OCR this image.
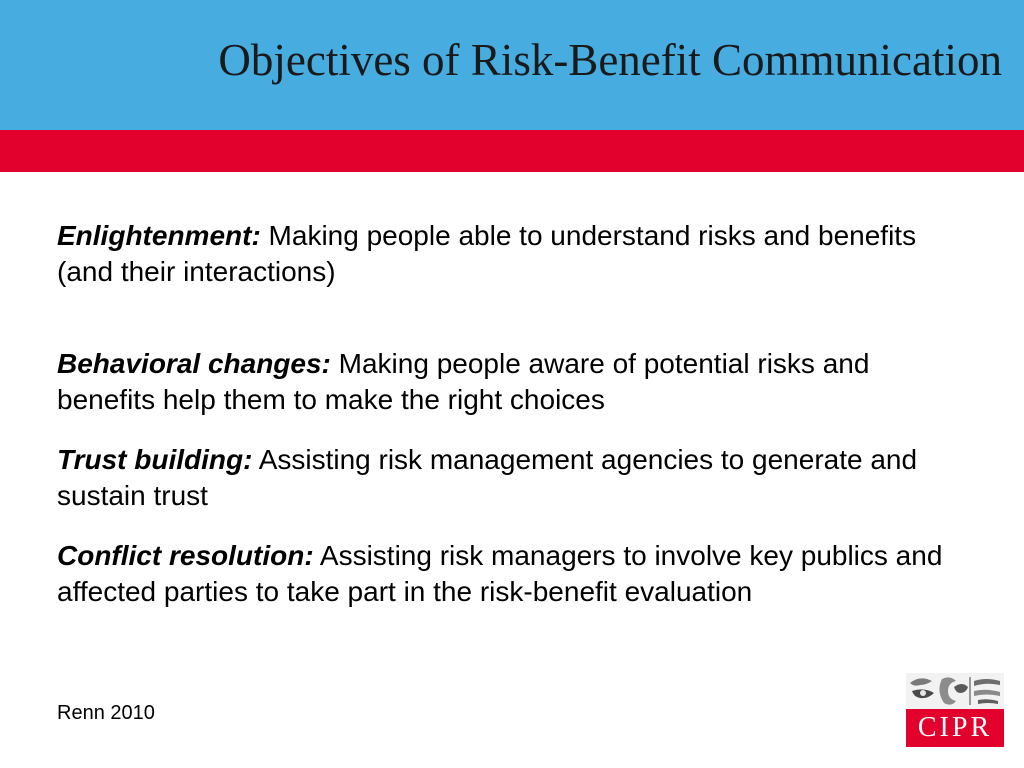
Objectives of Risk-Benefit Communication

Enlightenment: Making people able to understand risks and benefits (and their interactions)

Behavioral changes: Making people aware of potential risks and benefits help them to make the right choices

Trust building: Assisting risk management agencies to generate and sustain trust

Conflict resolution: Assisting risk managers to involve key publics and affected parties to take part in the risk-benefit evaluation

Renn 2010	CIPR
